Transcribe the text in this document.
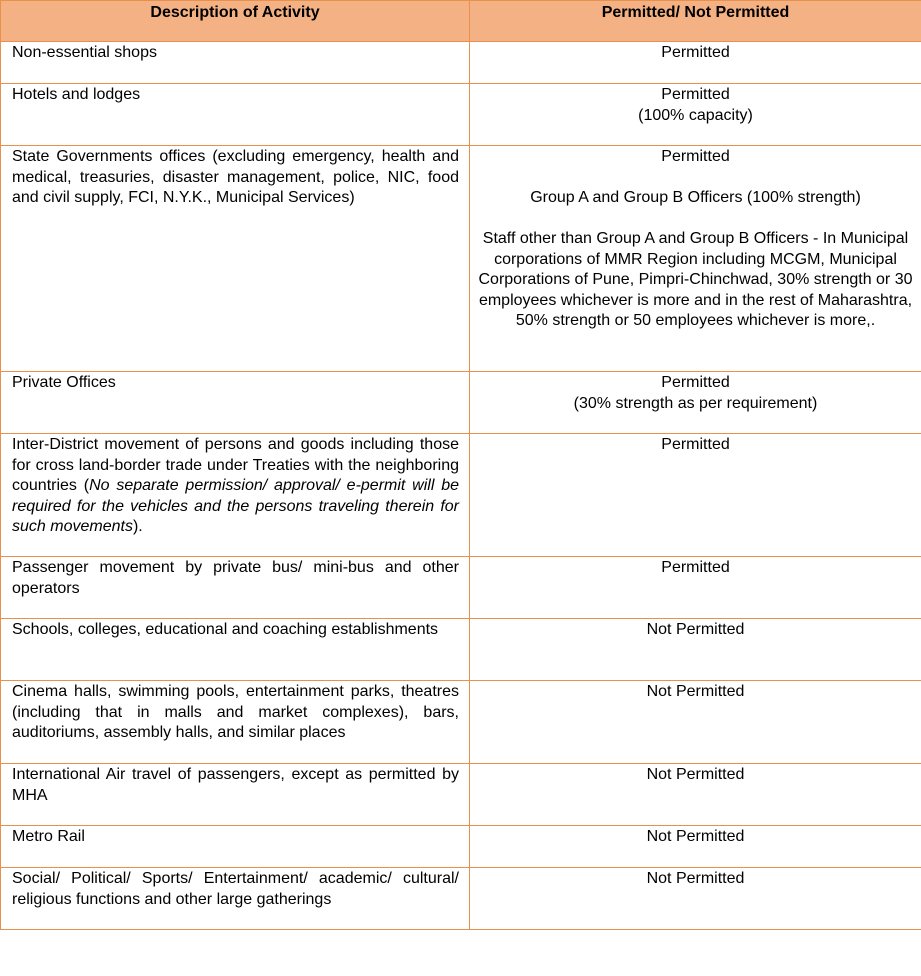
Description of Activity	Permitted/ Not Permitted
Non-essential shops	Permitted
Hotels and lodges	Permitted
(100% capacity)

State Governments offices (excluding emergency, health and medical, treasuries, disaster management, police, NIC, food and civil supply, FCI, N.Y.K., Municipal Services)	Permitted
Group A and Group B Officers (100% strength)
Staff other than Group A and Group B Officers - In Municipal corporations of MMR Region including MCGM, Municipal Corporations of Pune, Pimpri-Chinchwad, 30% strength or 30 employees whichever is more and in the rest of Maharashtra, 50% strength or 50 employees whichever is more,.

Private Offices	Permitted
(30% strength as per requirement)

Inter-District movement of persons and goods including those for cross land-border trade under Treaties with the neighboring countries (No separate permission/ approval/ e-permit will be required for the vehicles and the persons traveling therein for such movements).	Permitted
Passenger movement by private bus/ mini-bus and other operators	Permitted
Schools, colleges, educational and coaching establishments	Not Permitted
Cinema halls, swimming pools, entertainment parks, theatres (including that in malls and market complexes), bars, auditoriums, assembly halls, and similar places	Not Permitted
International Air travel of passengers, except as permitted by MHA	Not Permitted
Metro Rail	Not Permitted
Social/ Political/ Sports/ Entertainment/ academic/ cultural/ religious functions and other large gatherings	Not Permitted
